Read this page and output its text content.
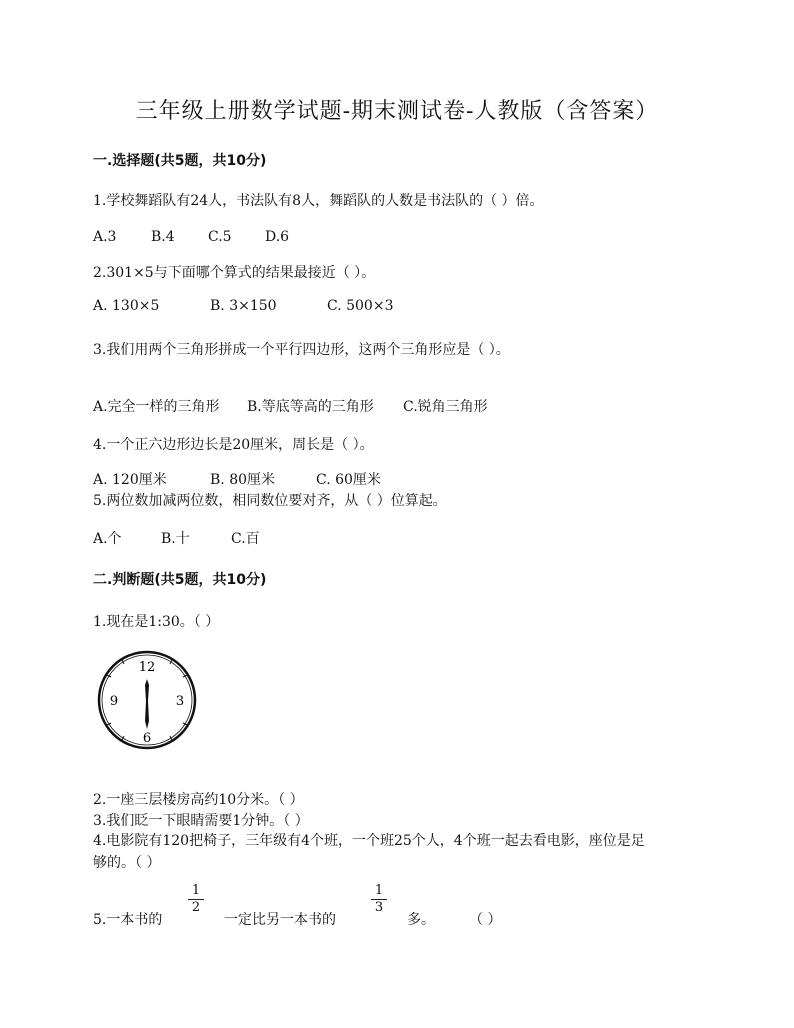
三年级上册数学试题-期末测试卷-人教版（含答案）
一.选择题(共5题，共10分)
1.学校舞蹈队有24人，书法队有8人，舞蹈队的人数是书法队的（ ）倍。
A.3 B.4 C.5 D.6
2.301×5与下面哪个算式的结果最接近（ ）。
A. 130×5	B. 3×150	C. 500×3
3.我们用两个三角形拼成一个平行四边形，这两个三角形应是（ ）。
A.完全一样的三角形 B.等底等高的三角形 C.锐角三角形
4.一个正六边形边长是20厘米，周长是（ ）。
A. 120厘米	B. 80厘米	C. 60厘米
5.两位数加减两位数，相同数位要对齐，从（ ）位算起。
A.个	B.十	C.百
二.判断题(共5题，共10分)
1.现在是1:30。（ ）
12
3
6
9
2.一座三层楼房高约10分米。（ ）
3.我们眨一下眼睛需要1分钟。（ ）
4.电影院有120把椅子，三年级有4个班，一个班25个人，4个班一起去看电影，座位是足
够的。（ ）
5.一本书的
1
2
一定比另一本书的
1
3
多。 （ ）
